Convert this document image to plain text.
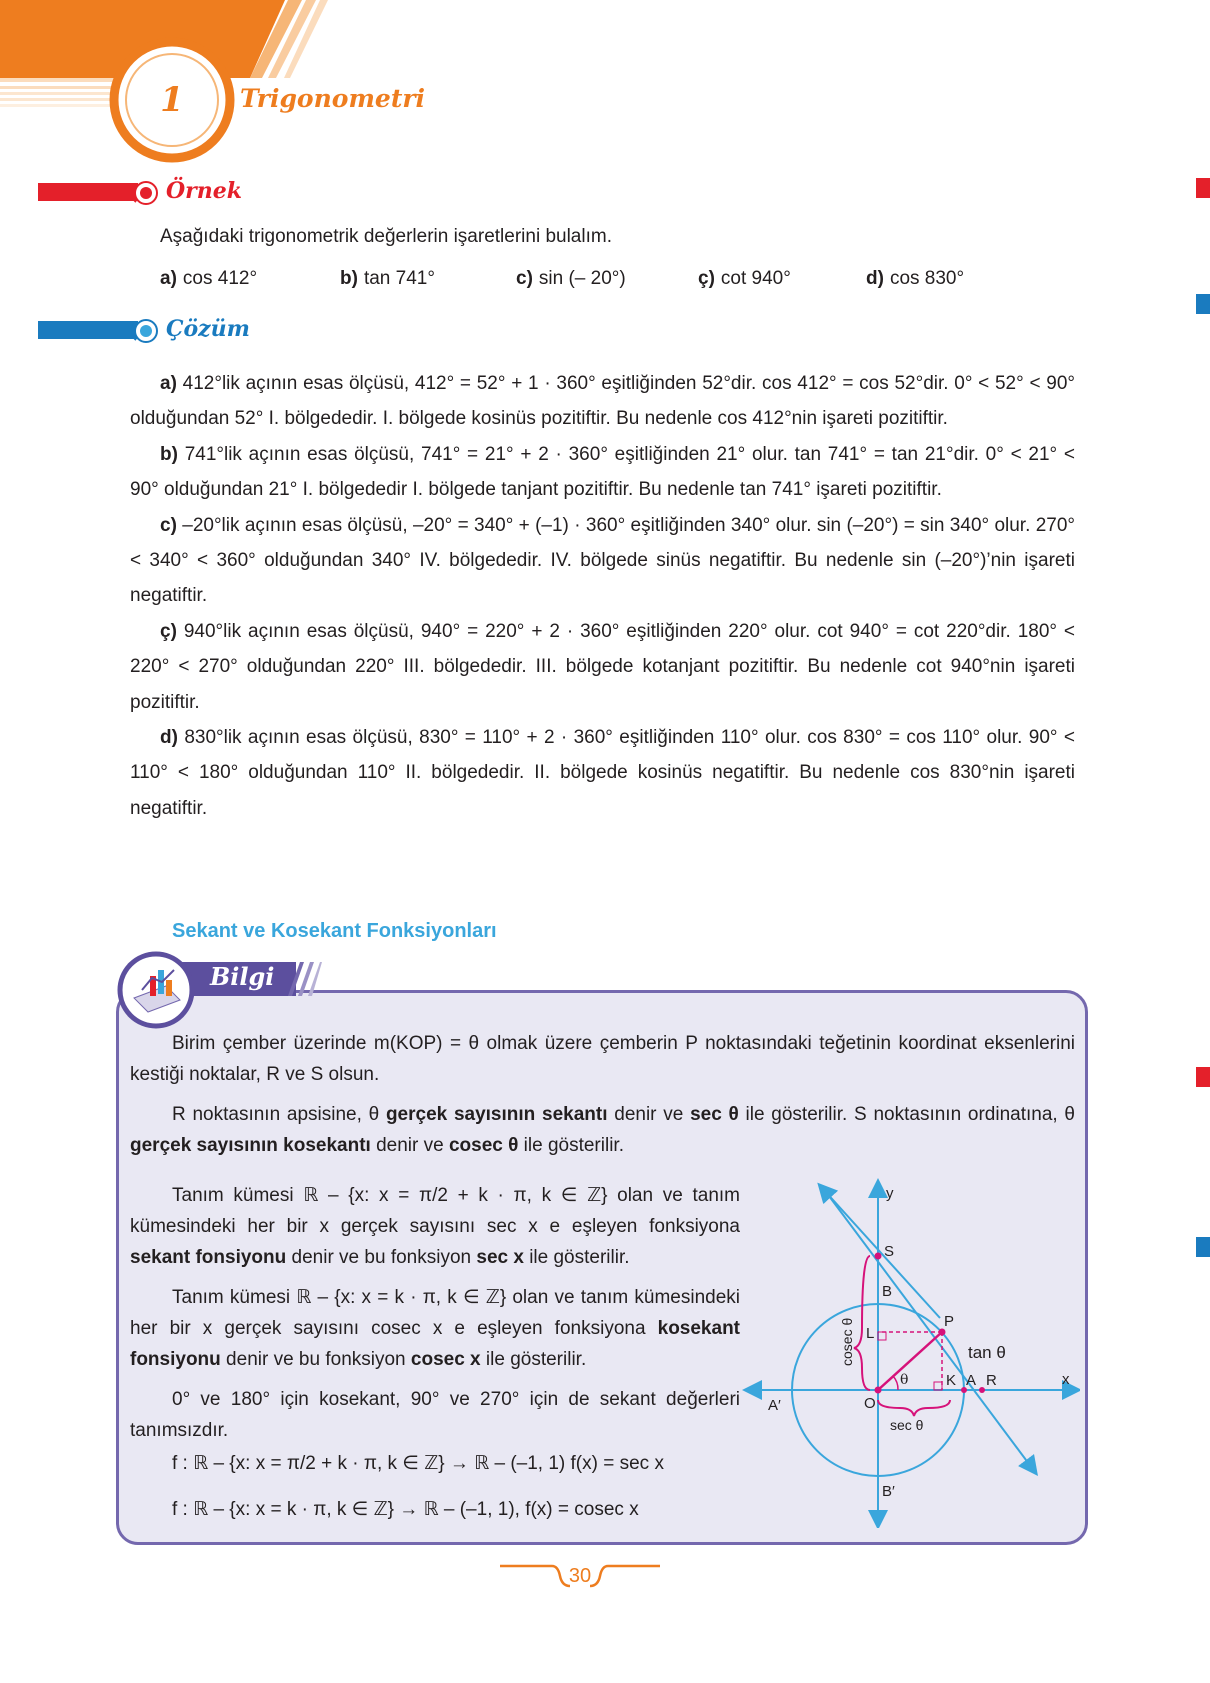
1	Trigonometri
Örnek
Aşağıdaki trigonometrik değerlerin işaretlerini bulalım.
a) cos 412°	b) tan 741°	c) sin (– 20°)	ç) cot 940°	d) cos 830°
Çözüm

a) 412°lik açının esas ölçüsü, 412° = 52° + 1 · 360° eşitliğinden 52°dir. cos 412° = cos 52°dir. 0° < 52° < 90° olduğundan 52° I. bölgededir. I. bölgede kosinüs pozitiftir. Bu nedenle cos 412°nin işareti pozitiftir.

b) 741°lik açının esas ölçüsü, 741° = 21° + 2 · 360° eşitliğinden 21° olur. tan 741° = tan 21°dir. 0° < 21° < 90° olduğundan 21° I. bölgededir I. bölgede tanjant pozitiftir. Bu nedenle tan 741° işareti pozitiftir.

c) –20°lik açının esas ölçüsü, –20° = 340° + (–1) · 360° eşitliğinden 340° olur. sin (–20°) = sin 340° olur. 270° < 340° < 360° olduğundan 340° IV. bölgededir. IV. bölgede sinüs negatiftir. Bu nedenle sin (–20°)’nin işareti negatiftir.

ç) 940°lik açının esas ölçüsü, 940° = 220° + 2 · 360° eşitliğinden 220° olur. cot 940° = cot 220°dir. 180° < 220° < 270° olduğundan 220° III. bölgededir. III. bölgede kotanjant pozitiftir. Bu nedenle cot 940°nin işareti pozitiftir.

d) 830°lik açının esas ölçüsü, 830° = 110° + 2 · 360° eşitliğinden 110° olur. cos 830° = cos 110° olur. 90° < 110° < 180° olduğundan 110° II. bölgededir. II. bölgede kosinüs negatiftir. Bu nedenle cos 830°nin işareti negatiftir.

Sekant ve Kosekant Fonksiyonları
Bilgi

Birim çember üzerinde m(KOP) = θ olmak üzere çemberin P noktasındaki teğetinin koordinat eksenlerini kestiği noktalar, R ve S olsun.

R noktasının apsisine, θ gerçek sayısının sekantı denir ve sec θ ile gösterilir. S noktasının ordinatına, θ gerçek sayısının kosekantı denir ve cosec θ ile gösterilir.

Tanım kümesi ℝ – {x: x = π/2 + k · π, k ∈ ℤ} olan ve tanım kümesindeki her bir x gerçek sayısını sec x e eşleyen fonksiyona sekant fonsiyonu denir ve bu fonksiyon sec x ile gösterilir.

Tanım kümesi ℝ – {x: x = k · π, k ∈ ℤ} olan ve tanım kümesindeki her bir x gerçek sayısını cosec x e eşleyen fonksiyona kosekant fonsiyonu denir ve bu fonksiyon cosec x ile gösterilir.

0° ve 180° için kosekant, 90° ve 270° için de sekant değerleri tanımsızdır.

f : ℝ – {x: x = π/2 + k · π, k ∈ ℤ} → ℝ – (–1, 1) f(x) = sec x
f : ℝ – {x: x = k · π, k ∈ ℤ} → ℝ – (–1, 1), f(x) = cosec x
y
x
S
B
P
L
K A R
O
A′
B′
θ
tan θ
sec θ
cosec θ
30
